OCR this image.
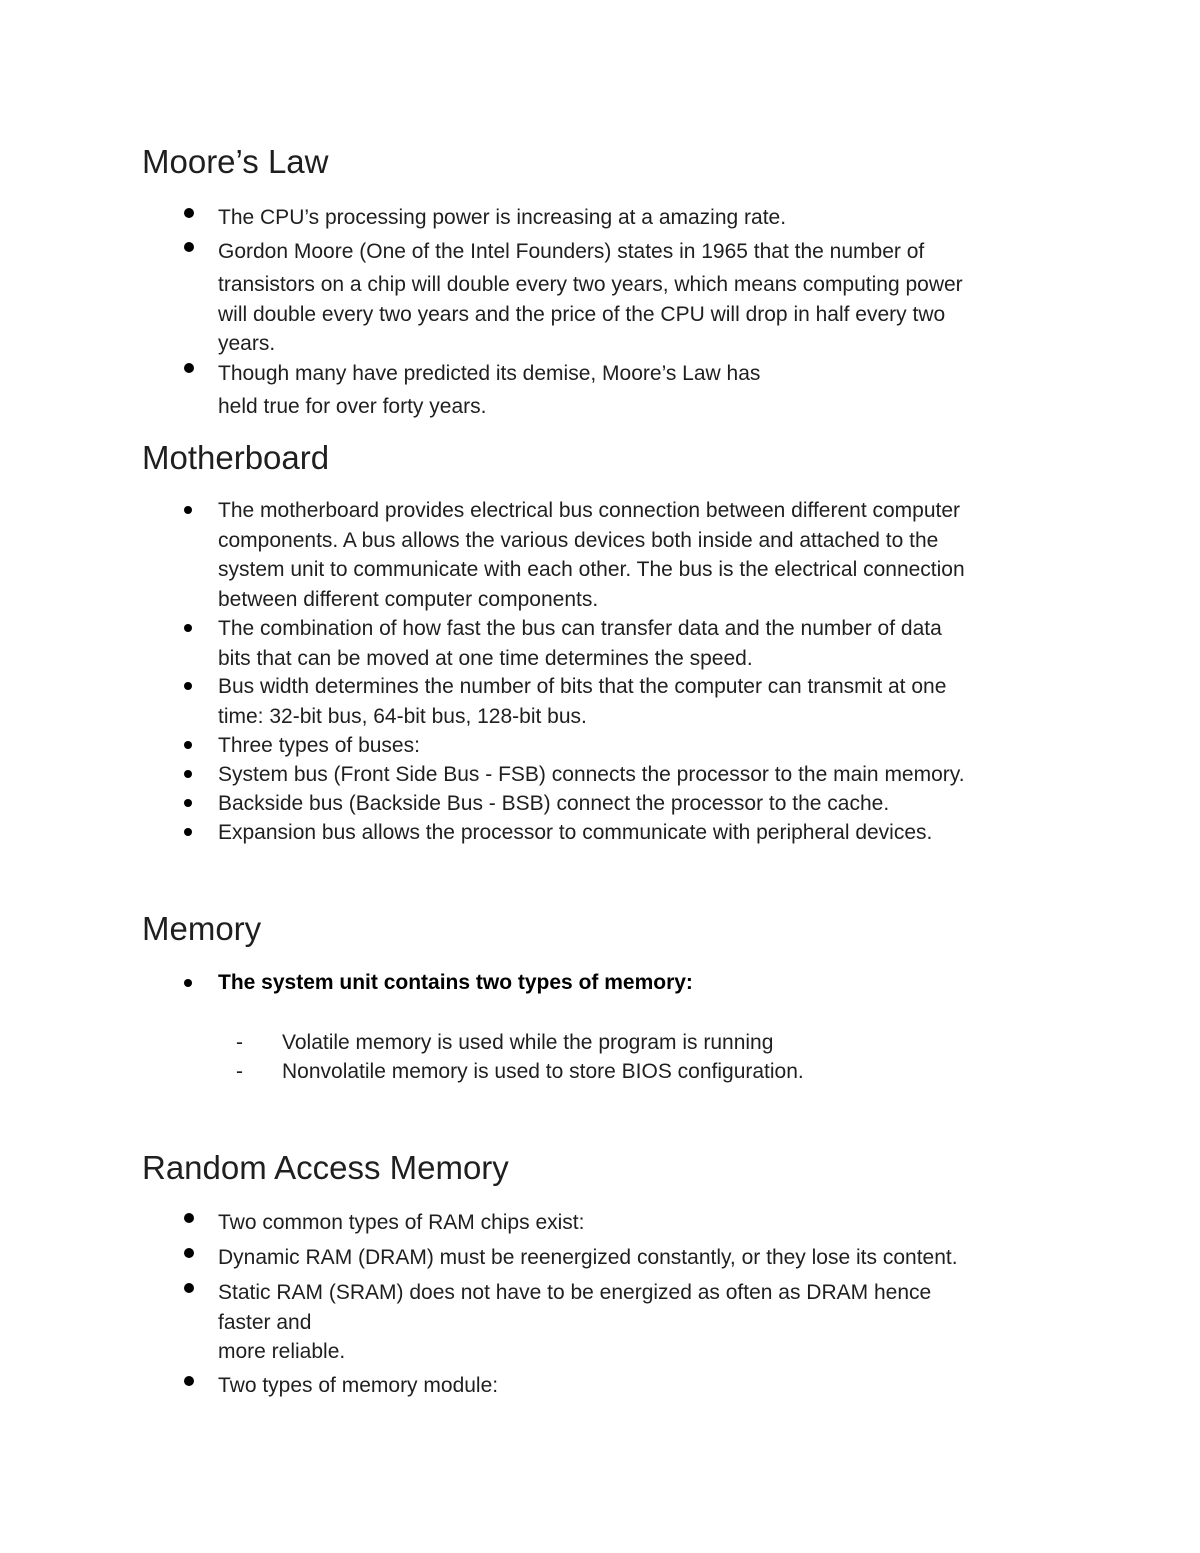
Moore’s Law
The CPU’s processing power is increasing at a amazing rate.
Gordon Moore (One of the Intel Founders) states in 1965 that the number of
transistors on a chip will double every two years, which means computing power
will double every two years and the price of the CPU will drop in half every two
years.
Though many have predicted its demise, Moore’s Law has
held true for over forty years.
Motherboard
The motherboard provides electrical bus connection between different computer
components. A bus allows the various devices both inside and attached to the
system unit to communicate with each other. The bus is the electrical connection
between different computer components.
The combination of how fast the bus can transfer data and the number of data
bits that can be moved at one time determines the speed.
Bus width determines the number of bits that the computer can transmit at one
time: 32-bit bus, 64-bit bus, 128-bit bus.
Three types of buses:
System bus (Front Side Bus - FSB) connects the processor to the main memory.
Backside bus (Backside Bus - BSB) connect the processor to the cache.
Expansion bus allows the processor to communicate with peripheral devices.
Memory
The system unit contains two types of memory:
- Volatile memory is used while the program is running
- Nonvolatile memory is used to store BIOS configuration.
Random Access Memory
Two common types of RAM chips exist:
Dynamic RAM (DRAM) must be reenergized constantly, or they lose its content.
Static RAM (SRAM) does not have to be energized as often as DRAM hence
faster and
more reliable.
Two types of memory module:
